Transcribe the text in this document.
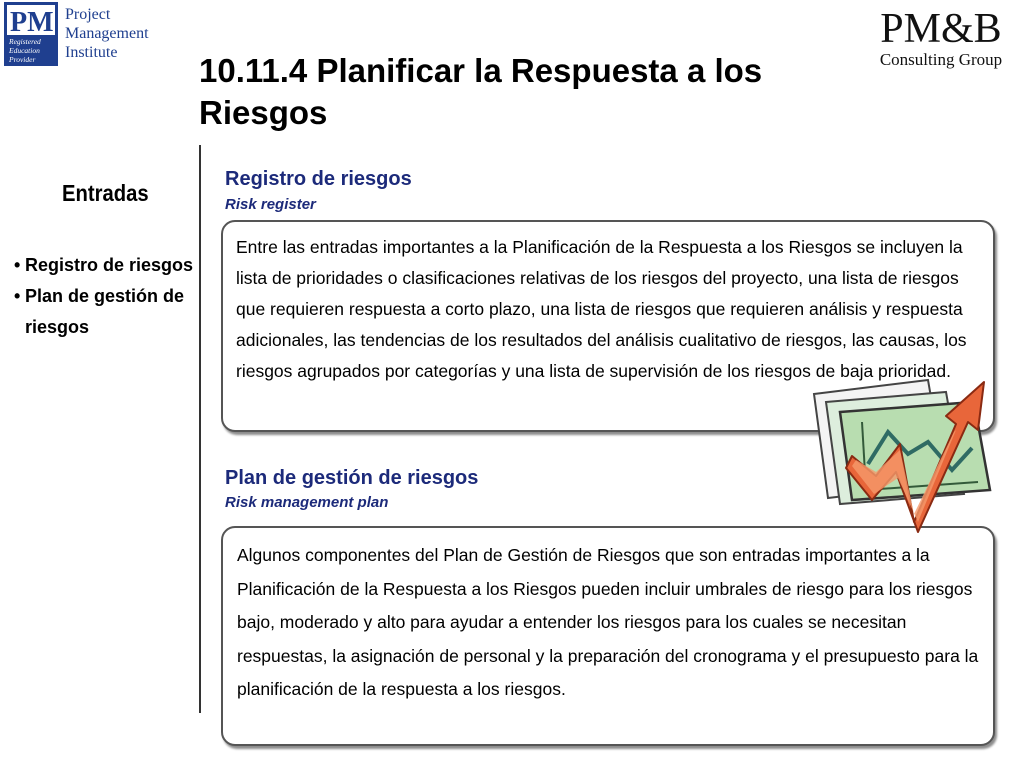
PM
Registered
Education
Provider
Project
Management
Institute
PM&B
Consulting Group
10.11.4 Planificar la Respuesta a los Riesgos
Entradas
• Registro de riesgos
• Plan de gestión de riesgos
Registro de riesgos
Risk register

Entre las entradas importantes a la Planificación de la Respuesta a los Riesgos se incluyen la lista de prioridades o clasificaciones relativas de los riesgos del proyecto, una lista de riesgos que requieren respuesta a corto plazo, una lista de riesgos que requieren análisis y respuesta adicionales, las tendencias de los resultados del análisis cualitativo de riesgos, las causas, los riesgos agrupados por categorías y una lista de supervisión de los riesgos de baja prioridad.

Plan de gestión de riesgos
Risk management plan

Algunos componentes del Plan de Gestión de Riesgos que son entradas importantes a la Planificación de la Respuesta a los Riesgos pueden incluir umbrales de riesgo para los riesgos bajo, moderado y alto para ayudar a entender los riesgos para los cuales se necesitan respuestas, la asignación de personal y la preparación del cronograma y el presupuesto para la planificación de la respuesta a los riesgos.
